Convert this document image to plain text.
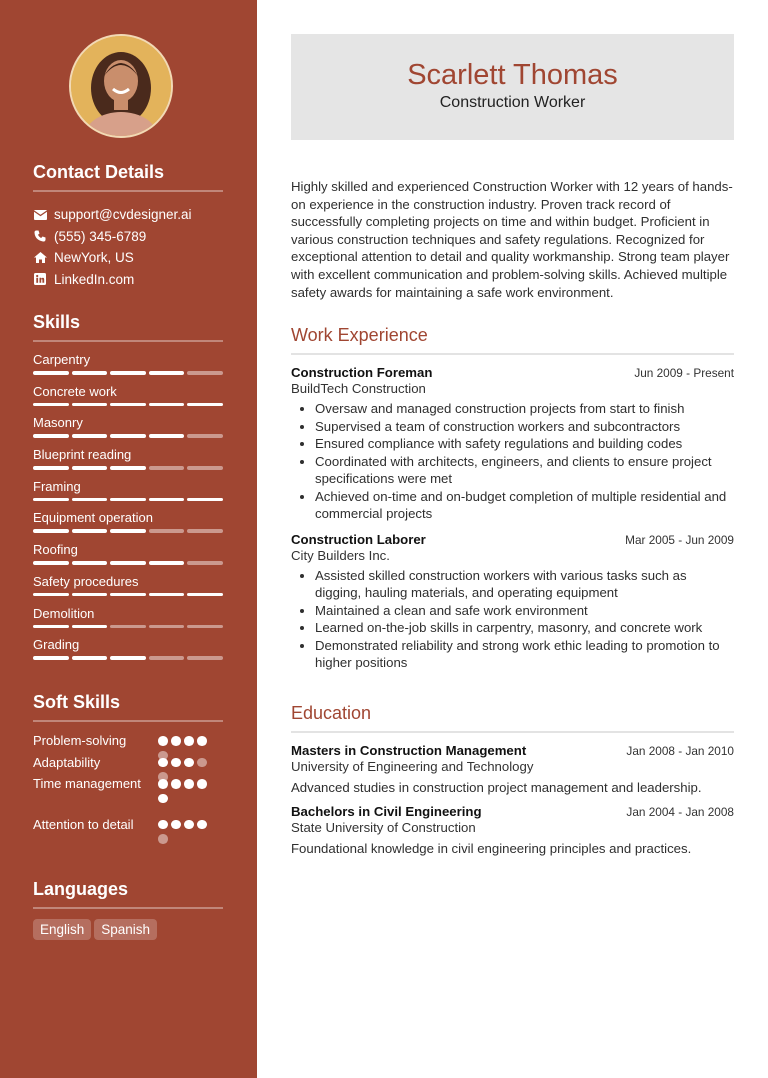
Contact Details
support@cvdesigner.ai
(555) 345-6789
NewYork, US
LinkedIn.com
Skills
Carpentry
Concrete work
Masonry
Blueprint reading
Framing
Equipment operation
Roofing
Safety procedures
Demolition
Grading
Soft Skills
Problem-solving
Adaptability
Time management
Attention to detail
Languages
English Spanish
Scarlett Thomas
Construction Worker
Highly skilled and experienced Construction Worker with 12 years of hands-on experience in the construction industry. Proven track record of successfully completing projects on time and within budget. Proficient in various construction techniques and safety regulations. Recognized for exceptional attention to detail and quality workmanship. Strong team player with excellent communication and problem-solving skills. Achieved multiple safety awards for maintaining a safe work environment.
Work Experience
Construction Foreman	Jun 2009 - Present
BuildTech Construction
• Oversaw and managed construction projects from start to finish
• Supervised a team of construction workers and subcontractors
• Ensured compliance with safety regulations and building codes
• Coordinated with architects, engineers, and clients to ensure project specifications were met
• Achieved on-time and on-budget completion of multiple residential and commercial projects
Construction Laborer	Mar 2005 - Jun 2009
City Builders Inc.
• Assisted skilled construction workers with various tasks such as digging, hauling materials, and operating equipment
• Maintained a clean and safe work environment
• Learned on-the-job skills in carpentry, masonry, and concrete work
• Demonstrated reliability and strong work ethic leading to promotion to higher positions
Education
Masters in Construction Management	Jan 2008 - Jan 2010
University of Engineering and Technology
Advanced studies in construction project management and leadership.
Bachelors in Civil Engineering	Jan 2004 - Jan 2008
State University of Construction
Foundational knowledge in civil engineering principles and practices.
